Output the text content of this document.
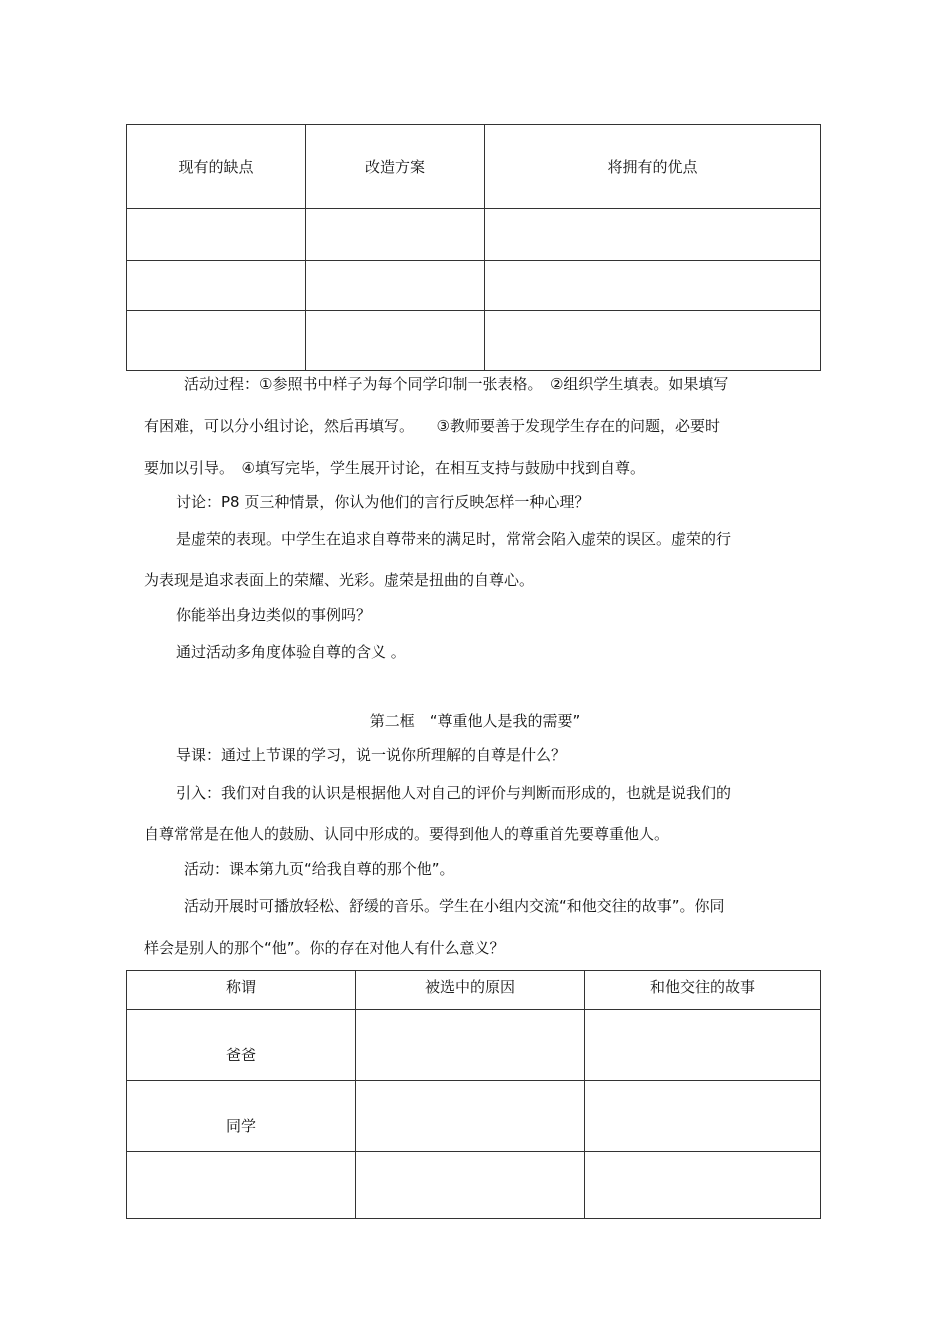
现有的缺点	改造方案	将拥有的优点

活动过程：①参照书中样子为每个同学印制一张表格。　②组织学生填表。如果填写
有困难，可以分小组讨论，然后再填写。　　③教师要善于发现学生存在的问题，必要时
要加以引导。　④填写完毕，学生展开讨论，在相互支持与鼓励中找到自尊。
讨论：P8 页三种情景，你认为他们的言行反映怎样一种心理？
是虚荣的表现。中学生在追求自尊带来的满足时，常常会陷入虚荣的误区。虚荣的行
为表现是追求表面上的荣耀、光彩。虚荣是扭曲的自尊心。
你能举出身边类似的事例吗？
通过活动多角度体验自尊的含义 。
第二框　“尊重他人是我的需要”
导课：通过上节课的学习，说一说你所理解的自尊是什么？
引入：我们对自我的认识是根据他人对自己的评价与判断而形成的，也就是说我们的
自尊常常是在他人的鼓励、认同中形成的。要得到他人的尊重首先要尊重他人。
活动：课本第九页“给我自尊的那个他”。
活动开展时可播放轻松、舒缓的音乐。学生在小组内交流“和他交往的故事”。你同
样会是别人的那个“他”。你的存在对他人有什么意义？
称谓	被选中的原因	和他交往的故事
爸爸		
同学		
